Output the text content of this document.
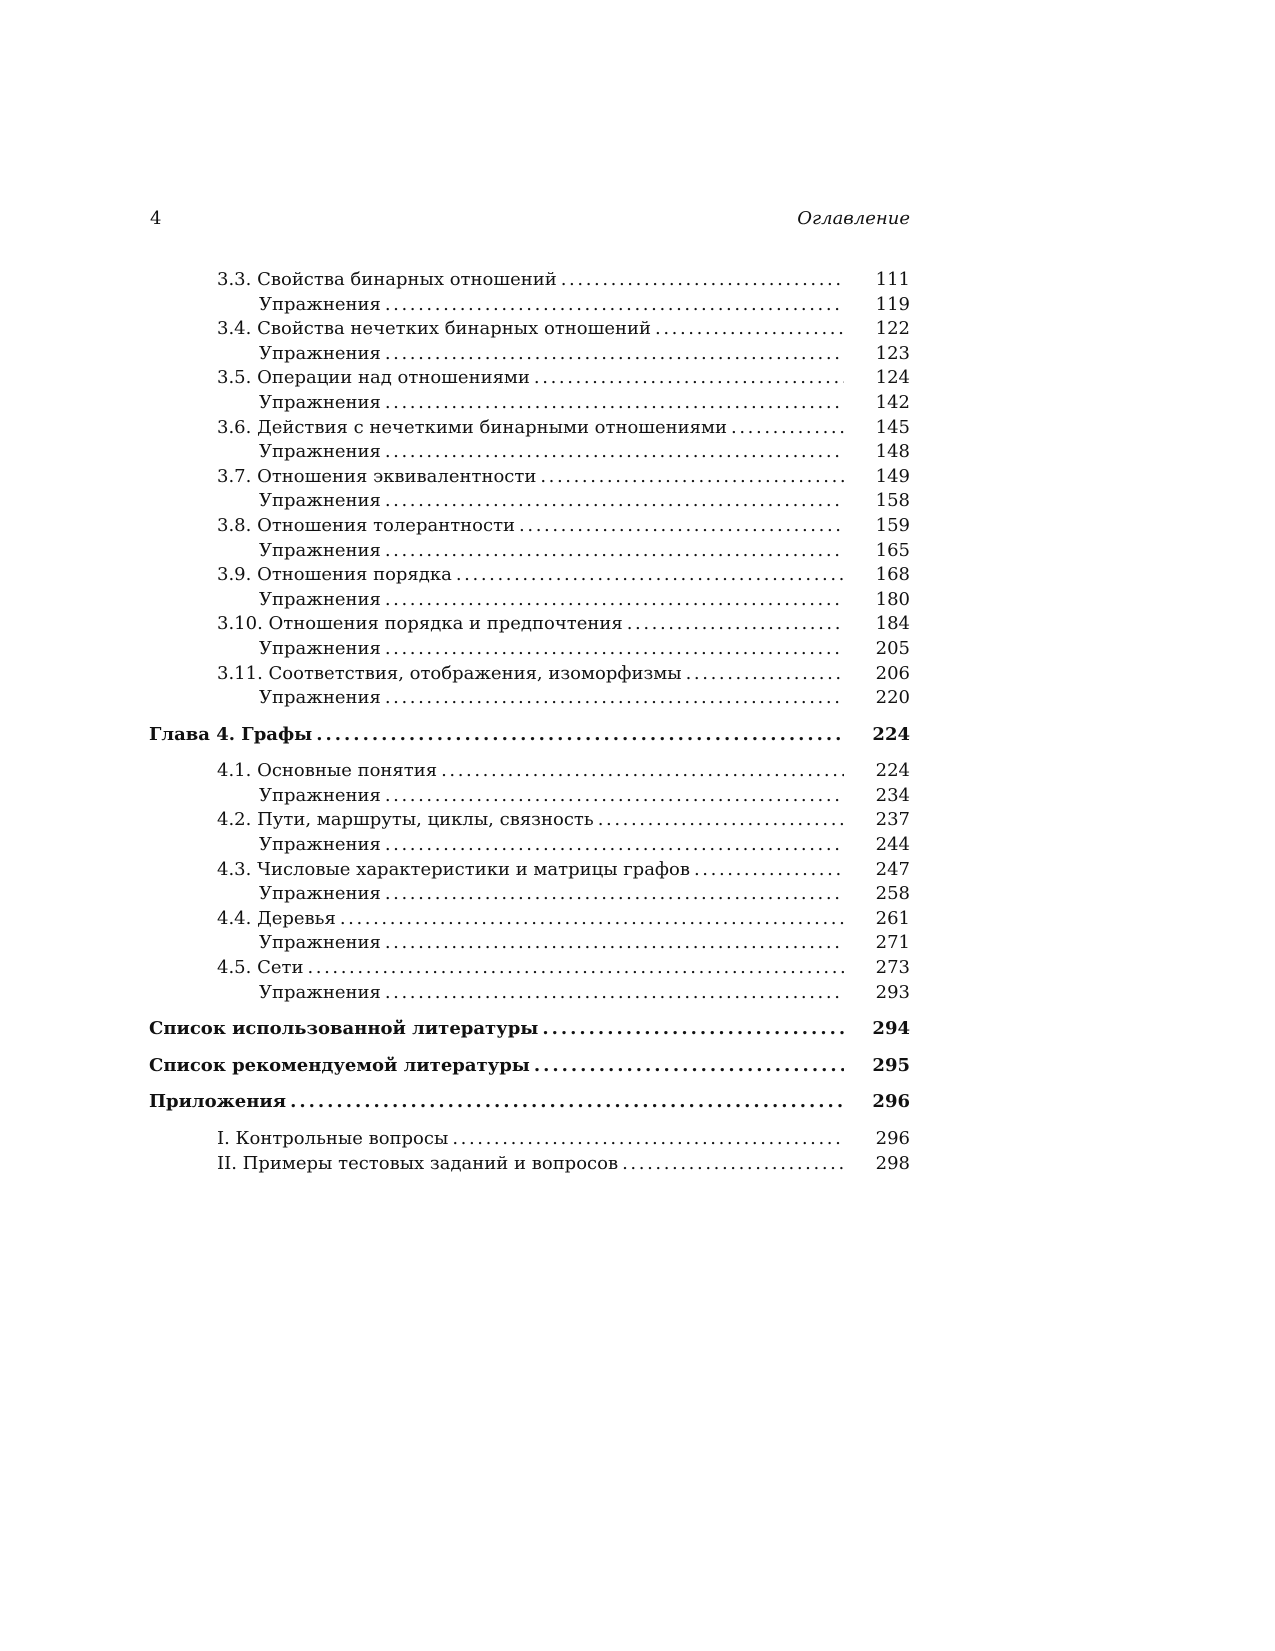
4	Оглавление
3.3. Свойства бинарных отношений .....	111
Упражнения .....	119
3.4. Свойства нечетких бинарных отношений .....	122
Упражнения .....	123
3.5. Операции над отношениями .....	124
Упражнения .....	142
3.6. Действия с нечеткими бинарными отношениями .....	145
Упражнения .....	148
3.7. Отношения эквивалентности .....	149
Упражнения .....	158
3.8. Отношения толерантности .....	159
Упражнения .....	165
3.9. Отношения порядка .....	168
Упражнения .....	180
3.10. Отношения порядка и предпочтения .....	184
Упражнения .....	205
3.11. Соответствия, отображения, изоморфизмы .....	206
Упражнения .....	220
Глава 4. Графы .....	224
4.1. Основные понятия .....	224
Упражнения .....	234
4.2. Пути, маршруты, циклы, связность .....	237
Упражнения .....	244
4.3. Числовые характеристики и матрицы графов .....	247
Упражнения .....	258
4.4. Деревья .....	261
Упражнения .....	271
4.5. Сети .....	273
Упражнения .....	293
Список использованной литературы .....	294
Список рекомендуемой литературы .....	295
Приложения .....	296
I. Контрольные вопросы .....	296
II. Примеры тестовых заданий и вопросов .....	298
